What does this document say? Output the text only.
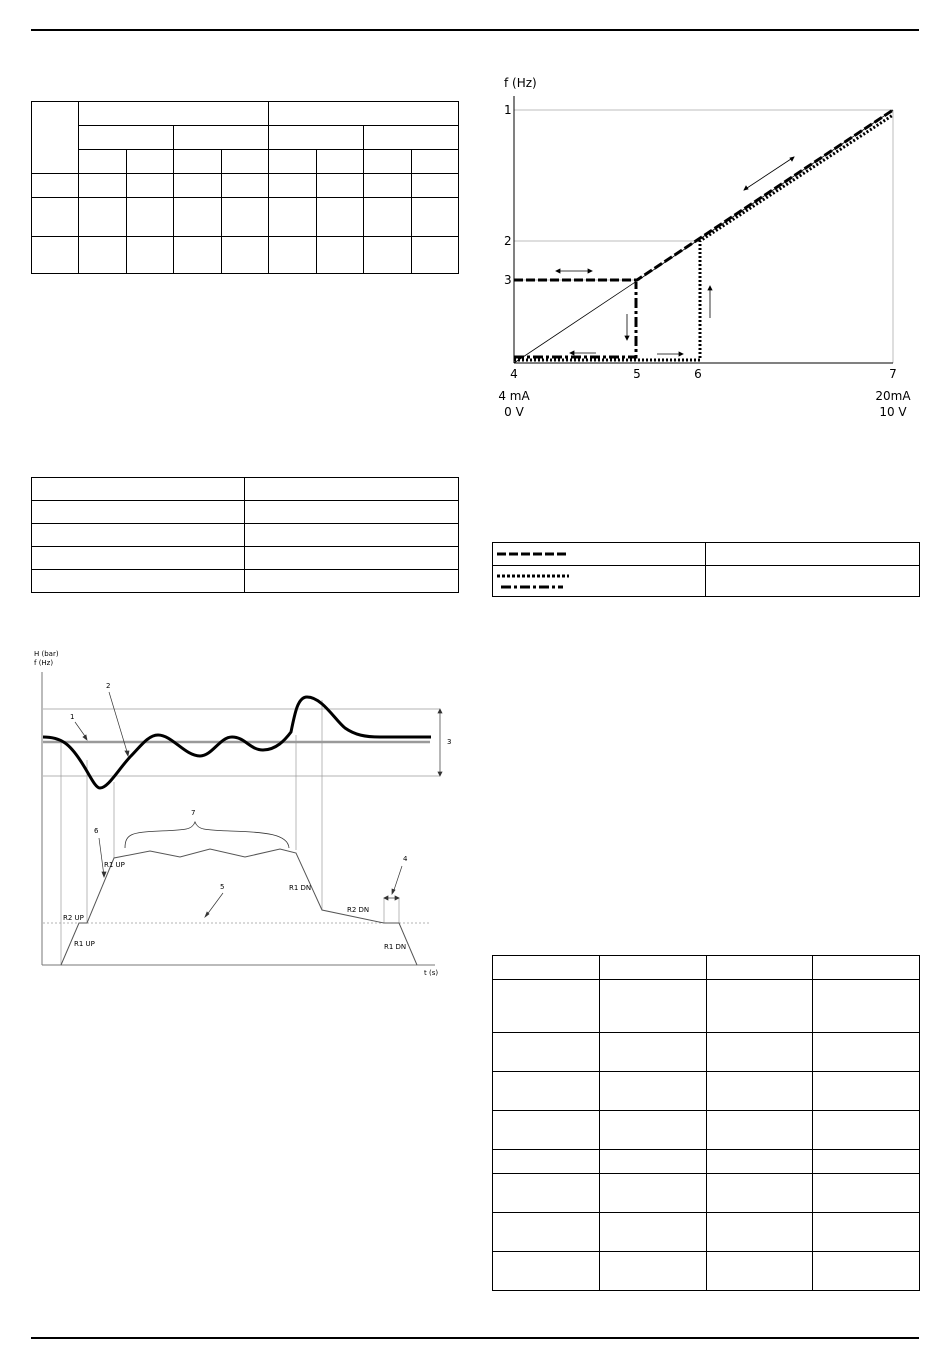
f (Hz)
1
2
3
4	5	6	7
4 mA
0 V
20mA
10 V
H (bar)
f (Hz)
t (s)
1
2
3
4
5
6
7
R2 UP
R1 UP
R1 UP
R1 DN
R2 DN
R1 DN
